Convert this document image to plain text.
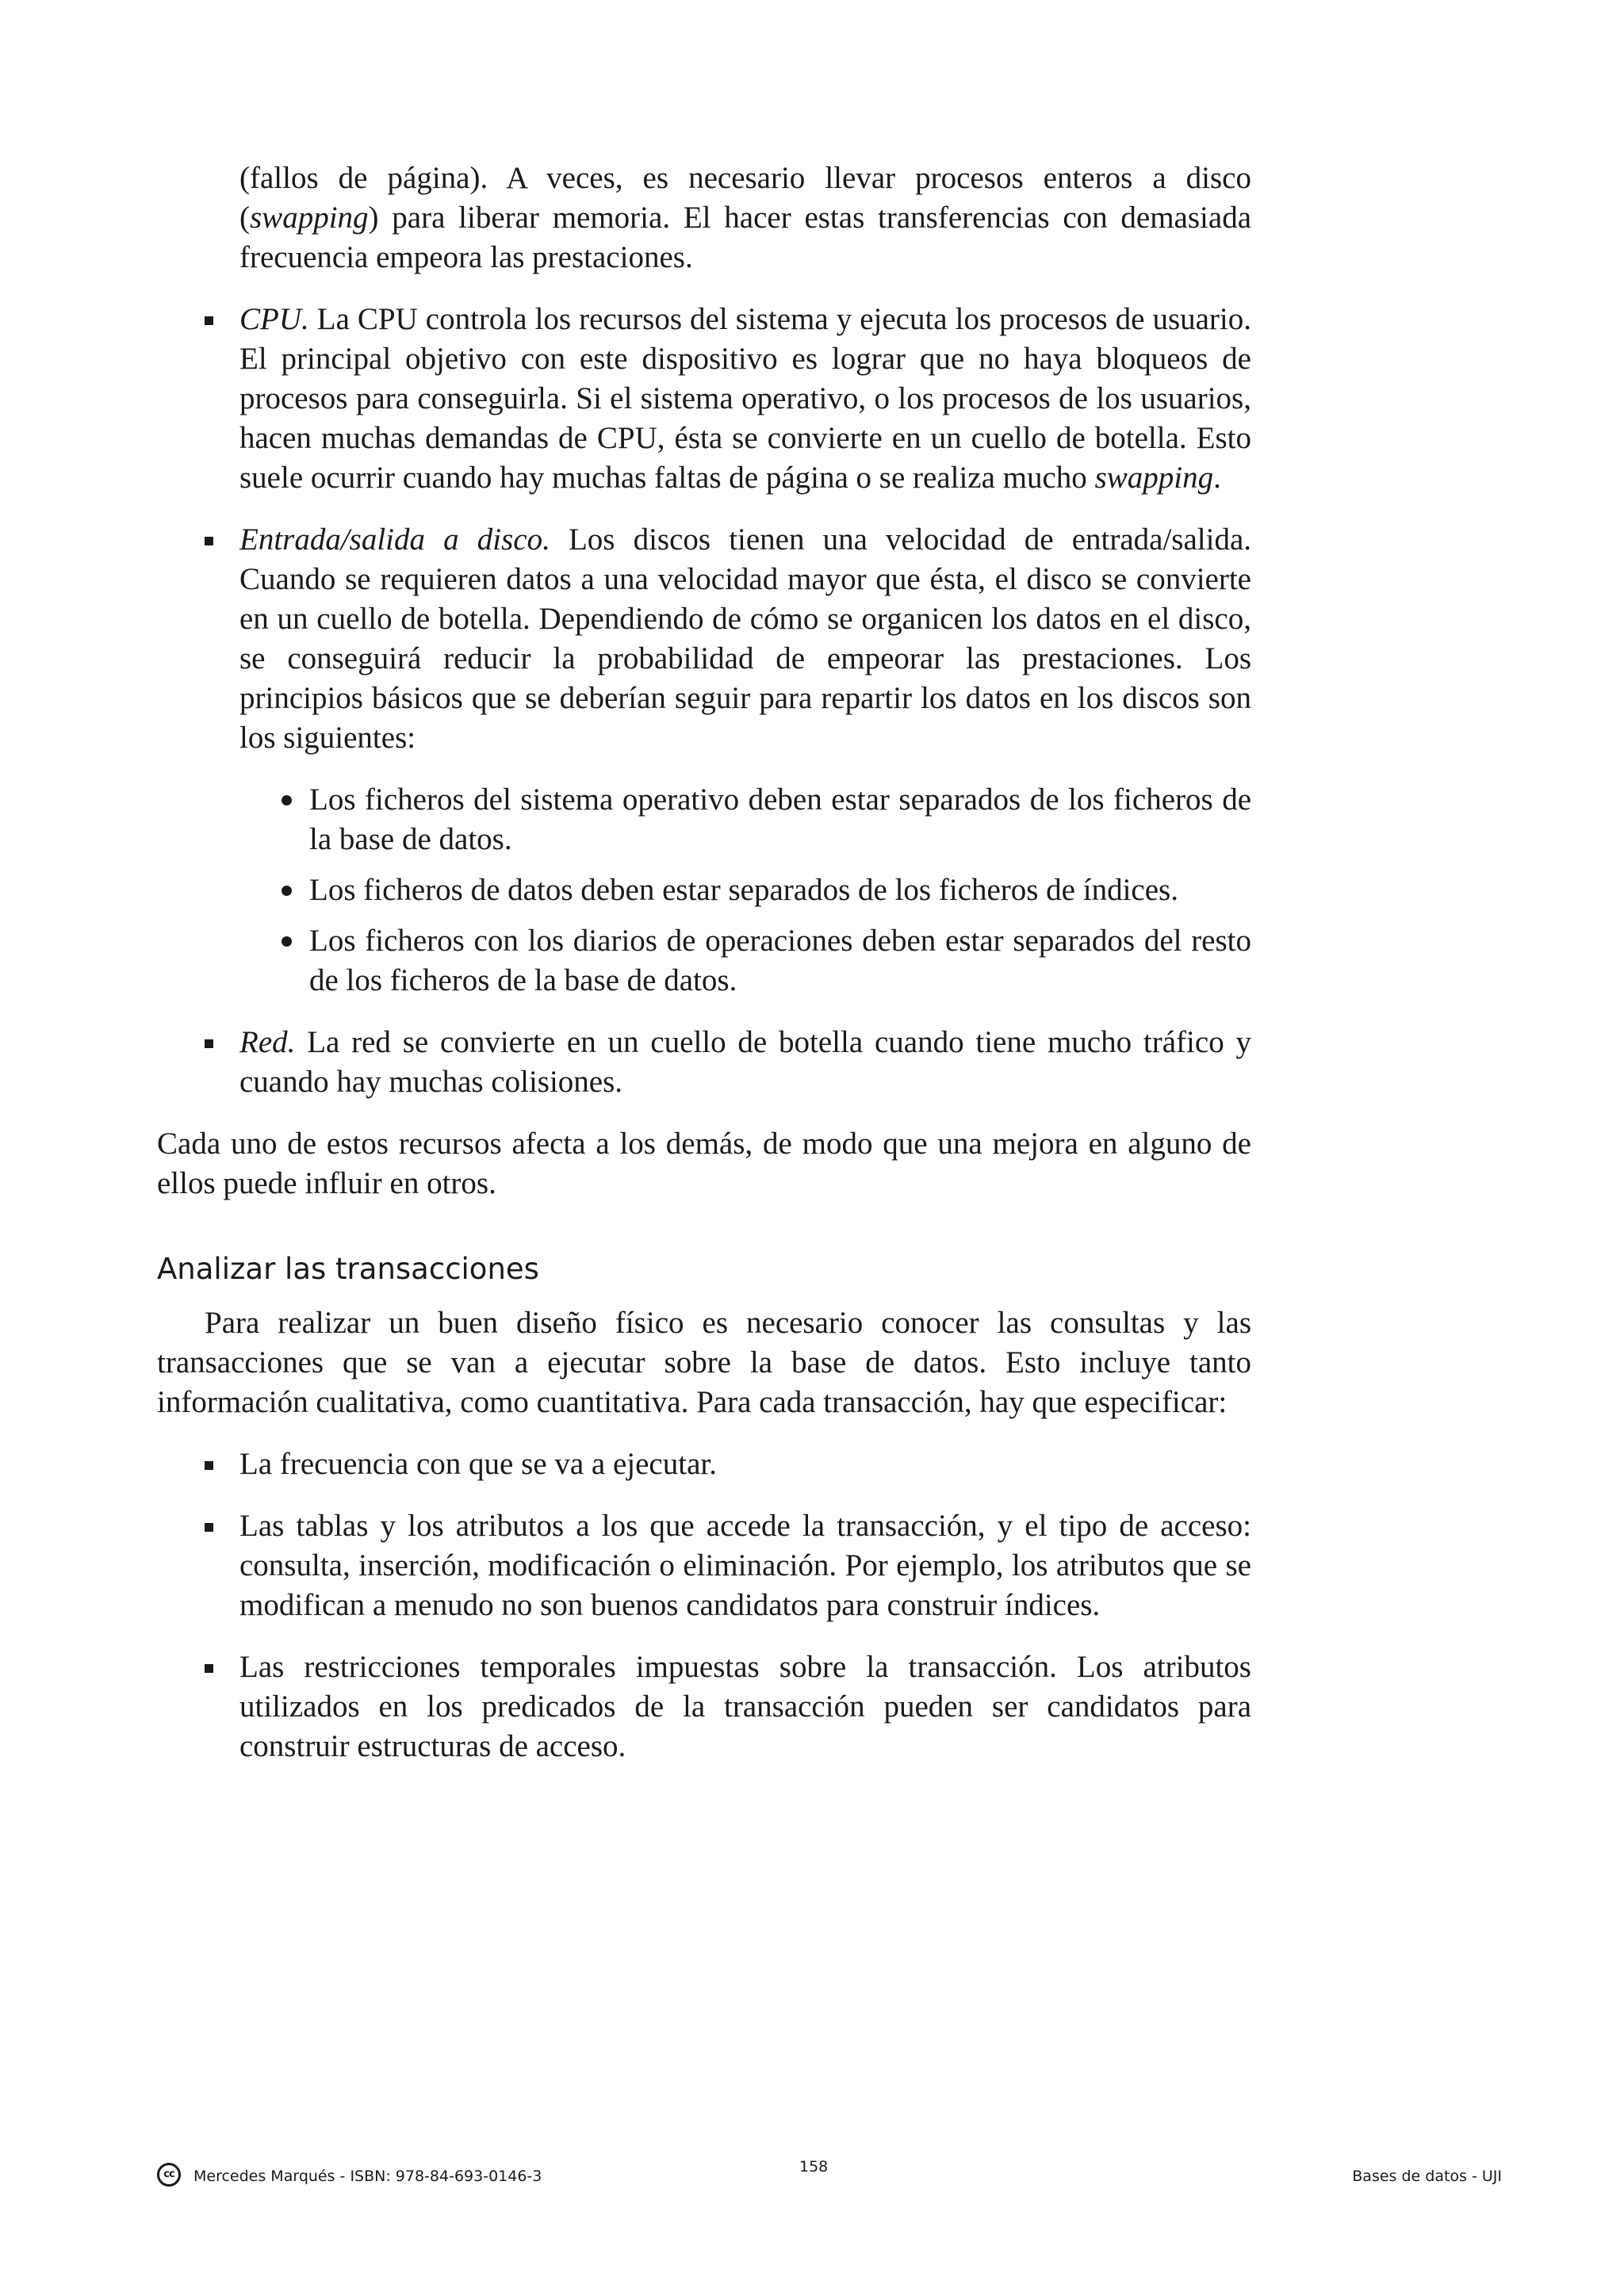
(fallos de página). A veces, es necesario llevar procesos enteros a disco (swapping) para liberar memoria. El hacer estas transferencias con demasiada frecuencia empeora las prestaciones.

CPU. La CPU controla los recursos del sistema y ejecuta los procesos de usuario. El principal objetivo con este dispositivo es lograr que no haya bloqueos de procesos para conseguirla. Si el sistema operativo, o los procesos de los usuarios, hacen muchas demandas de CPU, ésta se convierte en un cuello de botella. Esto suele ocurrir cuando hay muchas faltas de página o se realiza mucho swapping.

Entrada/salida a disco. Los discos tienen una velocidad de entrada/salida. Cuando se requieren datos a una velocidad mayor que ésta, el disco se convierte en un cuello de botella. Dependiendo de cómo se organicen los datos en el disco, se conseguirá reducir la probabilidad de empeorar las prestaciones. Los principios básicos que se deberían seguir para repartir los datos en los discos son los siguientes:

Los ficheros del sistema operativo deben estar separados de los ficheros de la base de datos.

Los ficheros de datos deben estar separados de los ficheros de índices.

Los ficheros con los diarios de operaciones deben estar separados del resto de los ficheros de la base de datos.

Red. La red se convierte en un cuello de botella cuando tiene mucho tráfico y cuando hay muchas colisiones.

Cada uno de estos recursos afecta a los demás, de modo que una mejora en alguno de ellos puede influir en otros.

Analizar las transacciones

Para realizar un buen diseño físico es necesario conocer las consultas y las transacciones que se van a ejecutar sobre la base de datos. Esto incluye tanto información cualitativa, como cuantitativa. Para cada transacción, hay que especificar:

La frecuencia con que se va a ejecutar.

Las tablas y los atributos a los que accede la transacción, y el tipo de acceso: consulta, inserción, modificación o eliminación. Por ejemplo, los atributos que se modifican a menudo no son buenos candidatos para construir índices.

Las restricciones temporales impuestas sobre la transacción. Los atributos utilizados en los predicados de la transacción pueden ser candidatos para construir estructuras de acceso.

cc	Mercedes Marqués - ISBN: 978-84-693-0146-3
158
Bases de datos - UJI
